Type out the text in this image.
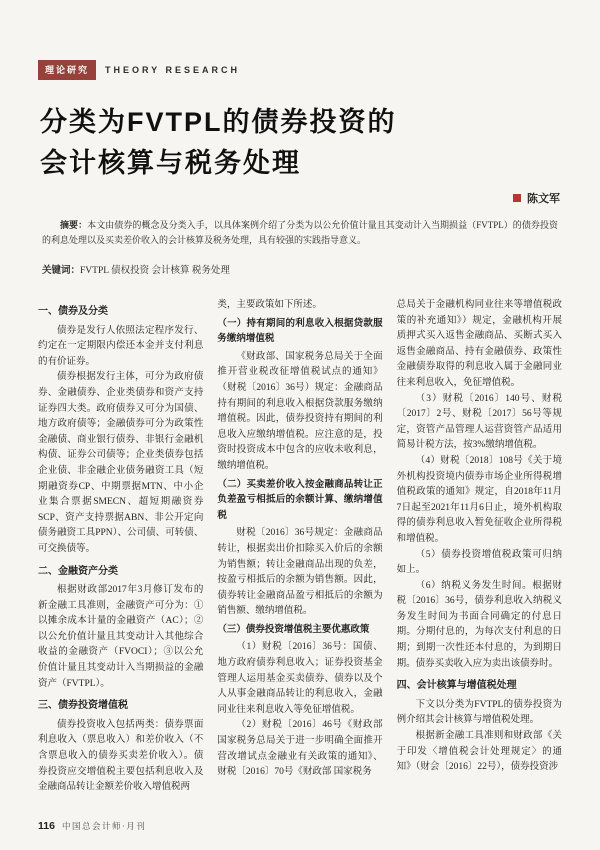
理论研究	THEORY RESEARCH
分类为FVTPL的债券投资的
会计核算与税务处理
陈文军

摘要：本文由债券的概念及分类入手，以具体案例介绍了分类为以公允价值计量且其变动计入当期损益（FVTPL）的债券投资的利息处理以及买卖差价收入的会计核算及税务处理，具有较强的实践指导意义。

关键词：FVTPL 债权投资 会计核算 税务处理

一、债券及分类
债券是发行人依照法定程序发行、约定在一定期限内偿还本金并支付利息的有价证券。
债券根据发行主体，可分为政府债券、金融债券、企业类债券和资产支持证券四大类。政府债券又可分为国债、地方政府债等；金融债券可分为政策性金融债、商业银行债券、非银行金融机构债、证券公司债等；企业类债券包括企业债、非金融企业债务融资工具（短期融资券CP、中期票据MTN、中小企业集合票据SMECN、超短期融资券SCP、资产支持票据ABN、非公开定向债务融资工具PPN）、公司债、可转债、可交换债等。
二、金融资产分类
根据财政部2017年3月修订发布的新金融工具准则，金融资产可分为：①以摊余成本计量的金融资产（AC）；②以公允价值计量且其变动计入其他综合收益的金融资产（FVOCI）；③以公允价值计量且其变动计入当期损益的金融资产（FVTPL）。
三、债券投资增值税
债券投资收入包括两类：债券票面利息收入（票息收入）和差价收入（不含票息收入的债券买卖差价收入）。债券投资应交增值税主要包括利息收入及金融商品转让金额差价收入增值税两
类，主要政策如下所述。
（一）持有期间的利息收入根据贷款服务缴纳增值税
《财政部、国家税务总局关于全面推开营业税改征增值税试点的通知》（财税〔2016〕36号）规定：金融商品持有期间的利息收入根据贷款服务缴纳增值税。因此，债券投资持有期间的利息收入应缴纳增值税。应注意的是，投资时投资成本中包含的应收未收利息，缴纳增值税。
（二）买卖差价收入按金融商品转让正负差盈亏相抵后的余额计算、缴纳增值税
财税〔2016〕36号规定：金融商品转让，根据卖出价扣除买入价后的余额为销售额；转让金融商品出现的负差，按盈亏相抵后的余额为销售额。因此，债券转让金融商品盈亏相抵后的余额为销售额、缴纳增值税。
（三）债券投资增值税主要优惠政策
（1）财税〔2016〕36号：国债、地方政府债券利息收入；证券投资基金管理人运用基金买卖债券、债券以及个人从事金融商品转让的利息收入，金融同业往来利息收入等免征增值税。
（2）财税〔2016〕46号《财政部国家税务总局关于进一步明确全面推开营改增试点金融业有关政策的通知》、财税〔2016〕70号《财政部 国家税务
总局关于金融机构同业往来等增值税政策的补充通知》）规定，金融机构开展质押式买入返售金融商品、买断式买入返售金融商品、持有金融债券、政策性金融债券取得的利息收入属于金融同业往来利息收入，免征增值税。
（3）财税〔2016〕140号、财税〔2017〕2号、财税〔2017〕56号等规定，资管产品管理人运营资管产品适用简易计税方法，按3%缴纳增值税。
（4）财税〔2018〕108号《关于境外机构投资境内债券市场企业所得税增值税政策的通知》规定，自2018年11月7日起至2021年11月6日止，境外机构取得的债券利息收入暂免征收企业所得税和增值税。
（5）债券投资增值税政策可归纳如上。
（6）纳税义务发生时间。根据财税〔2016〕36号，债券利息收入纳税义务发生时间为书面合同确定的付息日期。分期付息的，为每次支付利息的日期；到期一次性还本付息的，为到期日期。债券买卖收入应为卖出该债券时。
四、会计核算与增值税处理
下文以分类为FVTPL的债券投资为例介绍其会计核算与增值税处理。
根据新金融工具准则和财政部《关于印发〈增值税会计处理规定〉的通知》（财会〔2016〕22号），债券投资涉
116 中国总会计师·月刊
